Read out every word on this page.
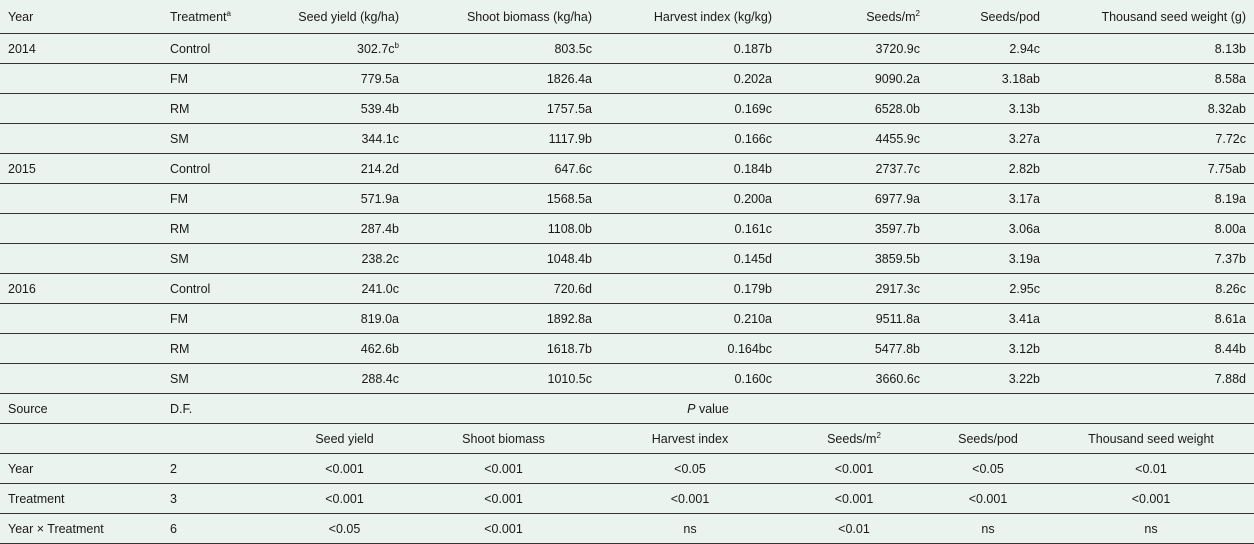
Year	Treatment$^a$	Seed yield (kg/ha)	Shoot biomass (kg/ha)	Harvest index (kg/kg)	Seeds/$m^2$	Seeds/pod	Thousand seed weight (g)
2014	Control	$302.7c^b$	803.5c	0.187b	3720.9c	2.94c	8.13b
	FM	779.5a	1826.4a	0.202a	9090.2a	3.18ab	8.58a
	RM	539.4b	1757.5a	0.169c	6528.0b	3.13b	8.32ab
	SM	344.1c	1117.9b	0.166c	4455.9c	3.27a	7.72c
2015	Control	214.2d	647.6c	0.184b	2737.7c	2.82b	7.75ab
	FM	571.9a	1568.5a	0.200a	6977.9a	3.17a	8.19a
	RM	287.4b	1108.0b	0.161c	3597.7b	3.06a	8.00a
	SM	238.2c	1048.4b	0.145d	3859.5b	3.19a	7.37b
2016	Control	241.0c	720.6d	0.179b	2917.3c	2.95c	8.26c
	FM	819.0a	1892.8a	0.210a	9511.8a	3.41a	8.61a
	RM	462.6b	1618.7b	0.164bc	5477.8b	3.12b	8.44b
	SM	288.4c	1010.5c	0.160c	3660.6c	3.22b	7.88d
Source	D.F.	P value					
		Seed yield	Shoot biomass	Harvest index	Seeds/$m^2$	Seeds/pod	Thousand seed weight
Year	2	<0.001	<0.001	<0.05	<0.001	<0.05	<0.01
Treatment	3	<0.001	<0.001	<0.001	<0.001	<0.001	<0.001
Year × Treatment	6	<0.05	<0.001	ns	<0.01	ns	ns
